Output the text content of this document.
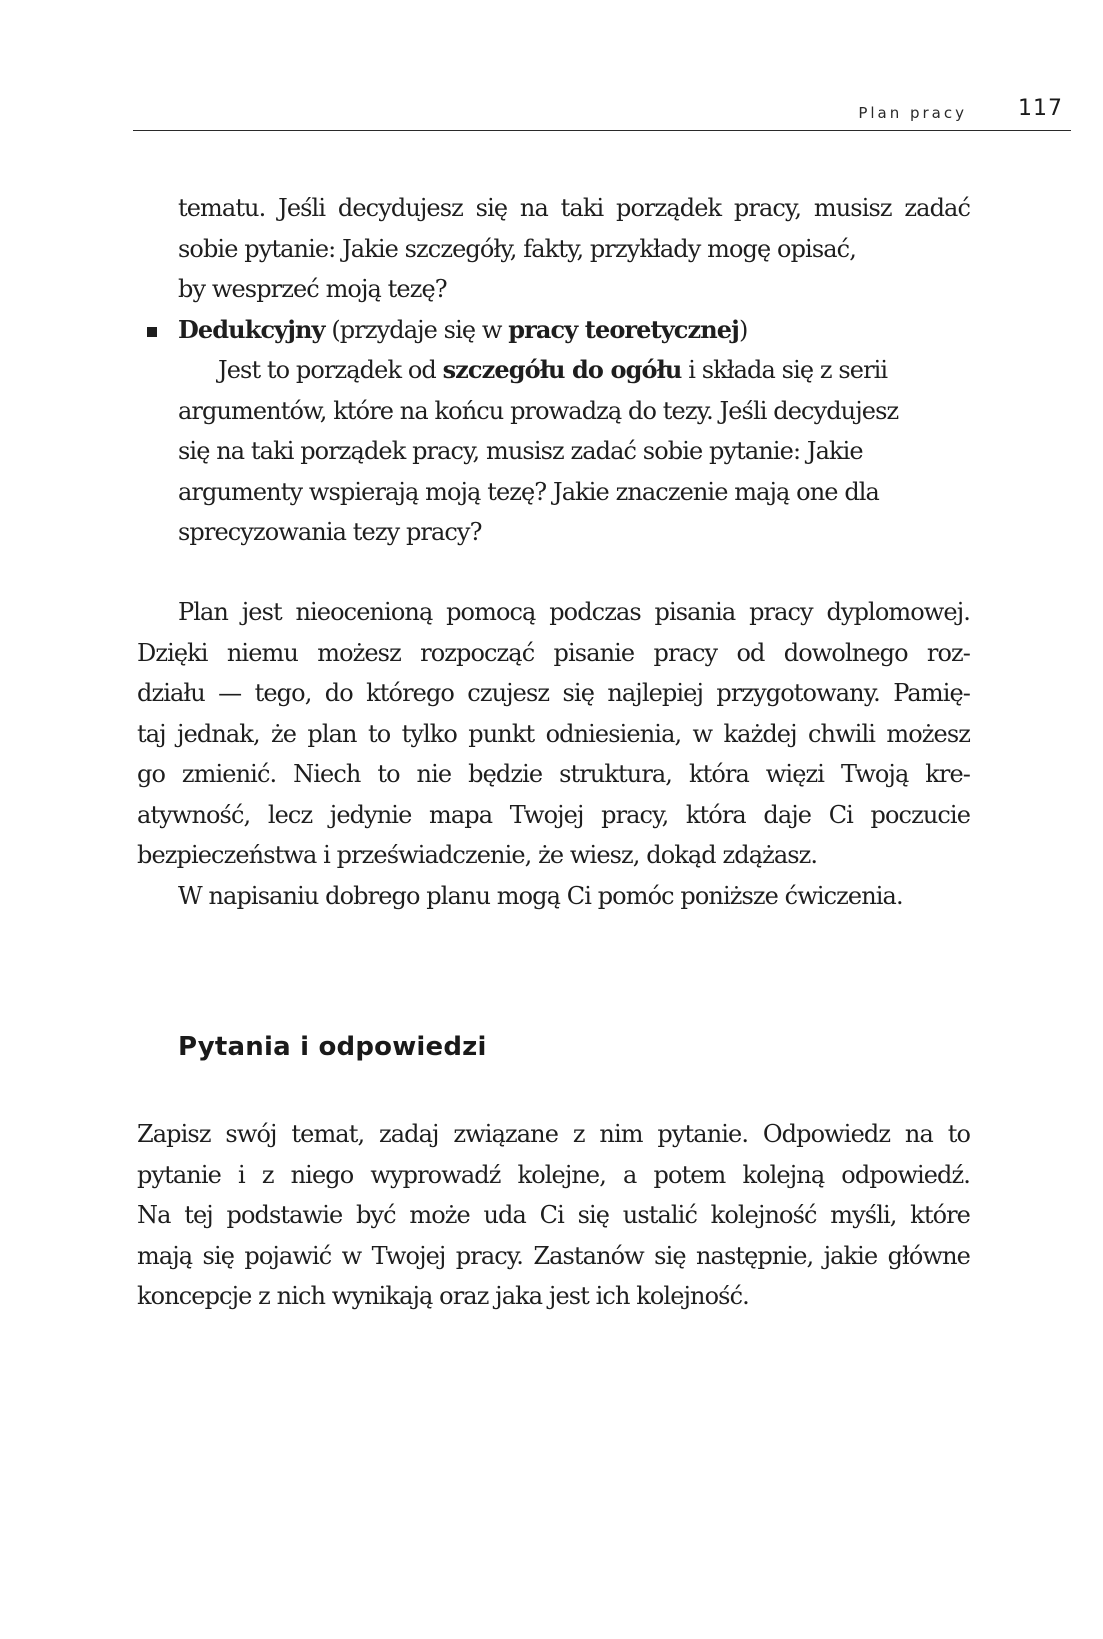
Plan pracy 117
tematu. Jeśli decydujesz się na taki porządek pracy, musisz zadać
sobie pytanie: Jakie szczegóły, fakty, przykłady mogę opisać,
by wesprzeć moją tezę?
Dedukcyjny (przydaje się w pracy teoretycznej)
Jest to porządek od szczegółu do ogółu i składa się z serii
argumentów, które na końcu prowadzą do tezy. Jeśli decydujesz
się na taki porządek pracy, musisz zadać sobie pytanie: Jakie
argumenty wspierają moją tezę? Jakie znaczenie mają one dla
sprecyzowania tezy pracy?
Plan jest nieocenioną pomocą podczas pisania pracy dyplomowej.
Dzięki niemu możesz rozpocząć pisanie pracy od dowolnego roz-
działu — tego, do którego czujesz się najlepiej przygotowany. Pamię-
taj jednak, że plan to tylko punkt odniesienia, w każdej chwili możesz
go zmienić. Niech to nie będzie struktura, która więzi Twoją kre-
atywność, lecz jedynie mapa Twojej pracy, która daje Ci poczucie
bezpieczeństwa i przeświadczenie, że wiesz, dokąd zdążasz.
W napisaniu dobrego planu mogą Ci pomóc poniższe ćwiczenia.
Pytania i odpowiedzi
Zapisz swój temat, zadaj związane z nim pytanie. Odpowiedz na to
pytanie i z niego wyprowadź kolejne, a potem kolejną odpowiedź.
Na tej podstawie być może uda Ci się ustalić kolejność myśli, które
mają się pojawić w Twojej pracy. Zastanów się następnie, jakie główne
koncepcje z nich wynikają oraz jaka jest ich kolejność.
